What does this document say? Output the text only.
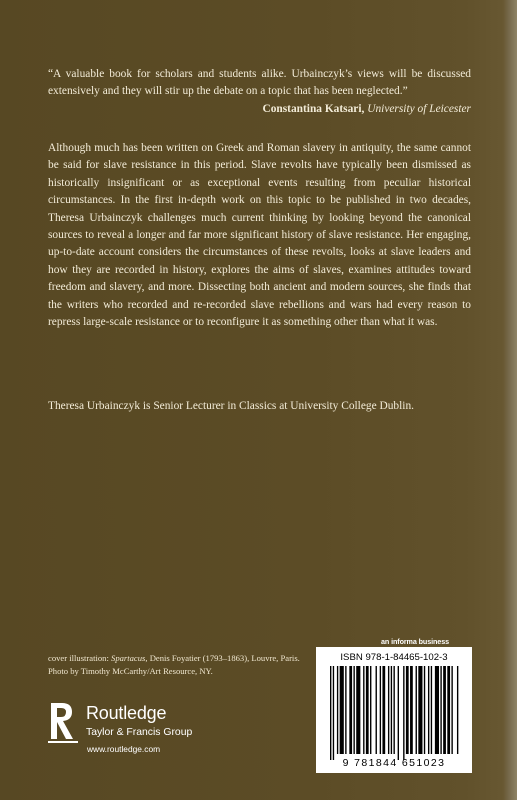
“A valuable book for scholars and students alike. Urbainczyk’s views will be discussed extensively and they will stir up the debate on a topic that has been neglected.”

Constantina Katsari, University of Leicester

Although much has been written on Greek and Roman slavery in antiquity, the same cannot be said for slave resistance in this period. Slave revolts have typically been dismissed as historically insignificant or as exceptional events resulting from peculiar historical circumstances. In the first in-depth work on this topic to be published in two decades, Theresa Urbainczyk challenges much current thinking by looking beyond the canonical sources to reveal a longer and far more significant history of slave resistance. Her engaging, up-to-date account considers the circumstances of these revolts, looks at slave leaders and how they are recorded in history, explores the aims of slaves, examines attitudes toward freedom and slavery, and more. Dissecting both ancient and modern sources, she finds that the writers who recorded and re-recorded slave rebellions and wars had every reason to repress large-scale resistance or to reconfigure it as something other than what it was.

Theresa Urbainczyk is Senior Lecturer in Classics at University College Dublin.

cover illustration: Spartacus, Denis Foyatier (1793–1863), Louvre, Paris. Photo by Timothy McCarthy/Art Resource, NY.
an informa business
ISBN 978-1-84465-102-3
9 781844 651023
Routledge
Taylor & Francis Group
www.routledge.com
